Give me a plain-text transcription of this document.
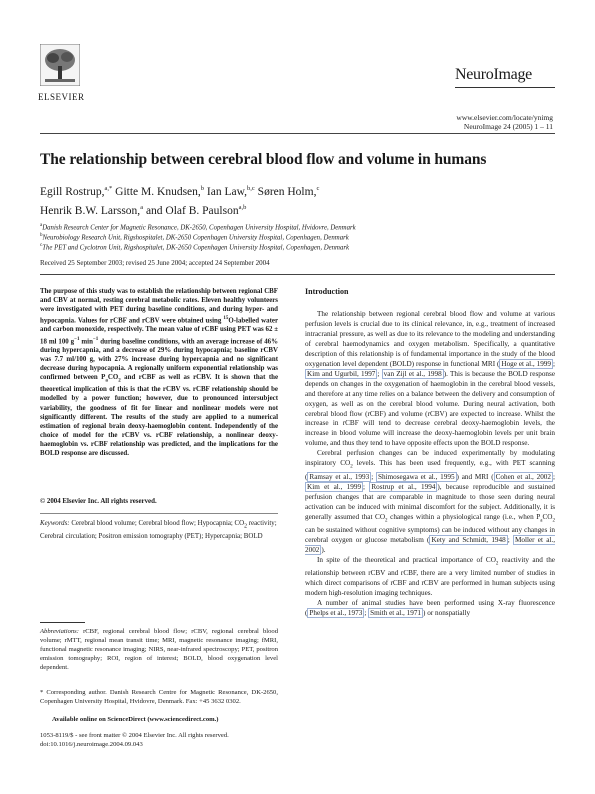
ELSEVIER
NeuroImage
www.elsevier.com/locate/ynimg
NeuroImage 24 (2005) 1 – 11
The relationship between cerebral blood flow and volume in humans
Egill Rostrup,$^{a,*}$ Gitte M. Knudsen,$^b$ Ian Law,$^{b,c}$ Søren Holm,$^c$
Henrik B.W. Larsson,$^a$ and Olaf B. Paulson$^{a,b}$
$^a$Danish Research Center for Magnetic Resonance, DK-2650, Copenhagen University Hospital, Hvidovre, Denmark
$^b$Neurobiology Research Unit, Rigshospitalet, DK-2650 Copenhagen University Hospital, Copenhagen, Denmark
$^c$The PET and Cyclotron Unit, Rigshospitalet, DK-2650 Copenhagen University Hospital, Copenhagen, Denmark
Received 25 September 2003; revised 25 June 2004; accepted 24 September 2004
The purpose of this study was to establish the relationship between regional CBF and CBV at normal, resting cerebral metabolic rates. Eleven healthy volunteers were investigated with PET during baseline conditions, and during hyper- and hypocapnia. Values for rCBF and rCBV were obtained using $^{15}$O-labelled water and carbon monoxide, respectively. The mean value of rCBF using PET was 62 ± 18 ml 100 $g^{-1}$ $\min^{-1}$ during baseline conditions, with an average increase of 46% during hypercapnia, and a decrease of 29% during hypocapnia; baseline rCBV was 7.7 ml/100 g, with 27% increase during hypercapnia and no significant decrease during hypocapnia. A regionally uniform exponential relationship was confirmed between $P_aCO_2$ and rCBF as well as rCBV. It is shown that the theoretical implication of this is that the rCBV vs. rCBF relationship should be modelled by a power function; however, due to pronounced intersubject variability, the goodness of fit for linear and nonlinear models were not significantly different. The results of the study are applied to a numerical estimation of regional brain deoxy-haemoglobin content. Independently of the choice of model for the rCBV vs. rCBF relationship, a nonlinear deoxy-haemoglobin vs. rCBF relationship was predicted, and the implications for the BOLD response are discussed.
© 2004 Elsevier Inc. All rights reserved.
Keywords: Cerebral blood volume; Cerebral blood flow; Hypocapnia; $CO_2$ reactivity; Cerebral circulation; Positron emission tomography (PET); Hypercapnia; BOLD
Abbreviations: rCBF, regional cerebral blood flow; rCBV, regional cerebral blood volume; rMTT, regional mean transit time; MRI, magnetic resonance imaging; fMRI, functional magnetic resonance imaging; NIRS, near-infrared spectroscopy; PET, positron emission tomography; ROI, region of interest; BOLD, blood oxygenation level dependent.
* Corresponding author. Danish Research Centre for Magnetic Resonance, DK-2650, Copenhagen University Hospital, Hvidovre, Denmark. Fax: +45 3632 0302.
Available online on ScienceDirect (www.sciencedirect.com.)
1053-8119/$ - see front matter © 2004 Elsevier Inc. All rights reserved.
doi:10.1016/j.neuroimage.2004.09.043
Introduction

The relationship between regional cerebral blood flow and volume at various perfusion levels is crucial due to its clinical relevance, in, e.g., treatment of increased intracranial pressure, as well as due to its relevance to the modeling and understanding of cerebral haemodynamics and oxygen metabolism. Specifically, a quantitative description of this relationship is of fundamental importance in the study of the blood oxygenation level dependent (BOLD) response in functional MRI ( Hoge et al., 1999 ; Kim and Ugurbil, 1997 ; van Zijl et al., 1998 ). This is because the BOLD response depends on changes in the oxygenation of haemoglobin in the cerebral blood vessels, and therefore at any time relies on a balance between the delivery and consumption of oxygen, as well as on the cerebral blood volume. During neural activation, both cerebral blood flow (rCBF) and volume (rCBV) are expected to increase. Whilst the increase in rCBF will tend to decrease cerebral deoxy-haemoglobin levels, the increase in blood volume will increase the deoxy-haemoglobin levels per unit brain volume, and thus they tend to have opposite effects upon the BOLD response.

Cerebral perfusion changes can be induced experimentally by modulating inspiratory $CO_2$ levels. This has been used frequently, e.g., with PET scanning ( Ramsay et al., 1993 ; Shimosegawa et al., 1995 ) and MRI ( Cohen et al., 2002 ; Kim et al., 1999 ; Rostrup et al., 1994 ), because reproducible and sustained perfusion changes that are comparable in magnitude to those seen during neural activation can be induced with minimal discomfort for the subject. Additionally, it is generally assumed that $CO_2$ changes within a physiological range (i.e., when $P_aCO_2$ can be sustained without cognitive symptoms) can be induced without any changes in cerebral oxygen or glucose metabolism ( Kety and Schmidt, 1948 ; Moller et al., 2002 ).

In spite of the theoretical and practical importance of $CO_2$ reactivity and the relationship between rCBV and rCBF, there are a very limited number of studies in which direct comparisons of rCBF and rCBV are performed in human subjects using modern high-resolution imaging techniques.

A number of animal studies have been performed using X-ray fluorescence ( Phelps et al., 1973 ; Smith et al., 1971 ) or nonspatially
